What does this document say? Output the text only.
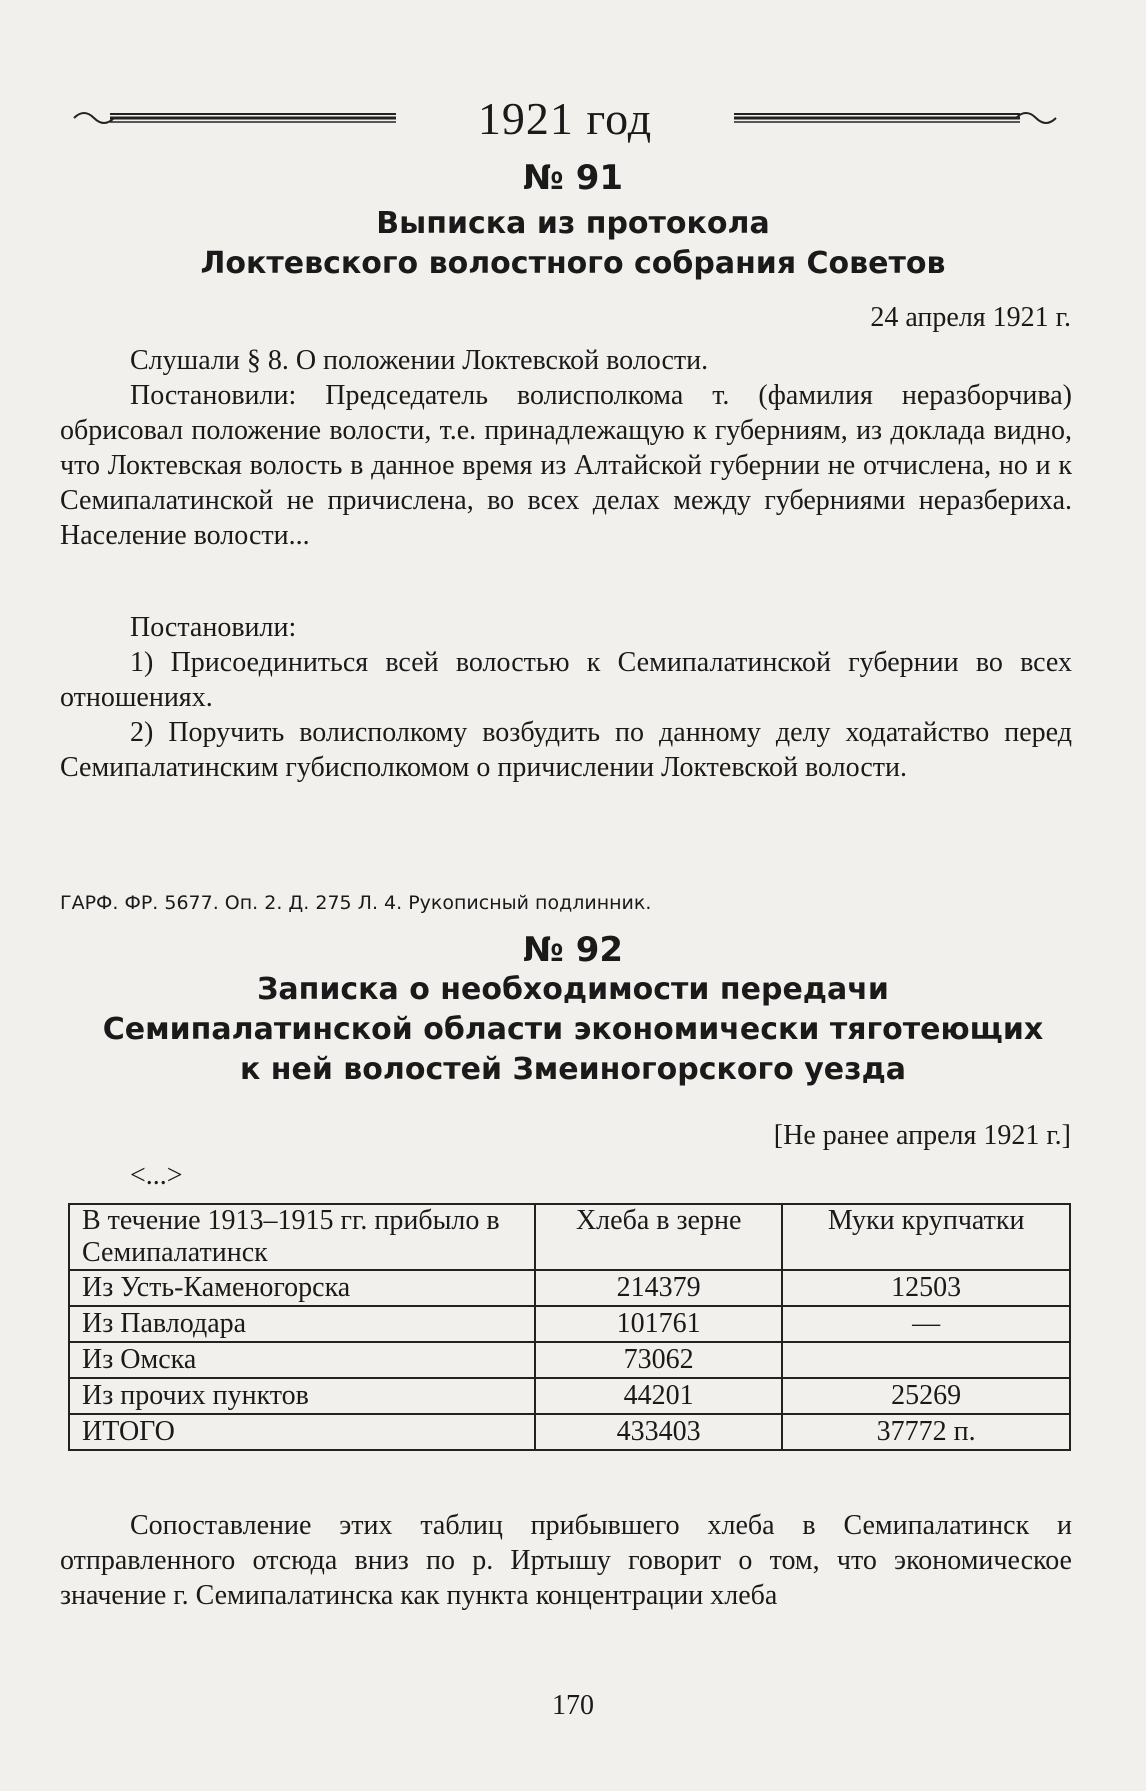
1921 год
№ 91
Выписка из протокола
Локтевского волостного собрания Советов
24 апреля 1921 г.
Слушали § 8. О положении Локтевской волости.
Постановили: Председатель волисполкома т. (фамилия неразборчива) обрисовал положение волости, т.е. принадлежащую к губерниям, из доклада видно, что Локтевская волость в данное время из Алтайской губернии не отчислена, но и к Семипалатинской не причислена, во всех делах между губерниями неразбериха. Население волости...
Постановили:
1) Присоединиться всей волостью к Семипалатинской губернии во всех отношениях.
2) Поручить волисполкому возбудить по данному делу ходатайство перед Семипалатинским губисполкомом о причислении Локтевской волости.
ГАРФ. ФР. 5677. Оп. 2. Д. 275 Л. 4. Рукописный подлинник.
№ 92
Записка о необходимости передачи
Семипалатинской области экономически тяготеющих
к ней волостей Змеиногорского уезда
[Не ранее апреля 1921 г.]
<...>
В течение 1913–1915 гг. прибыло в Семипалатинск	Хлеба в зерне	Муки крупчатки
Из Усть-Каменогорска	214379	12503
Из Павлодара	101761	—
Из Омска	73062	
Из прочих пунктов	44201	25269
ИТОГО	433403	37772 п.
Сопоставление этих таблиц прибывшего хлеба в Семипалатинск и отправленного отсюда вниз по р. Иртышу говорит о том, что экономическое значение г. Семипалатинска как пункта концентрации хлеба
170
